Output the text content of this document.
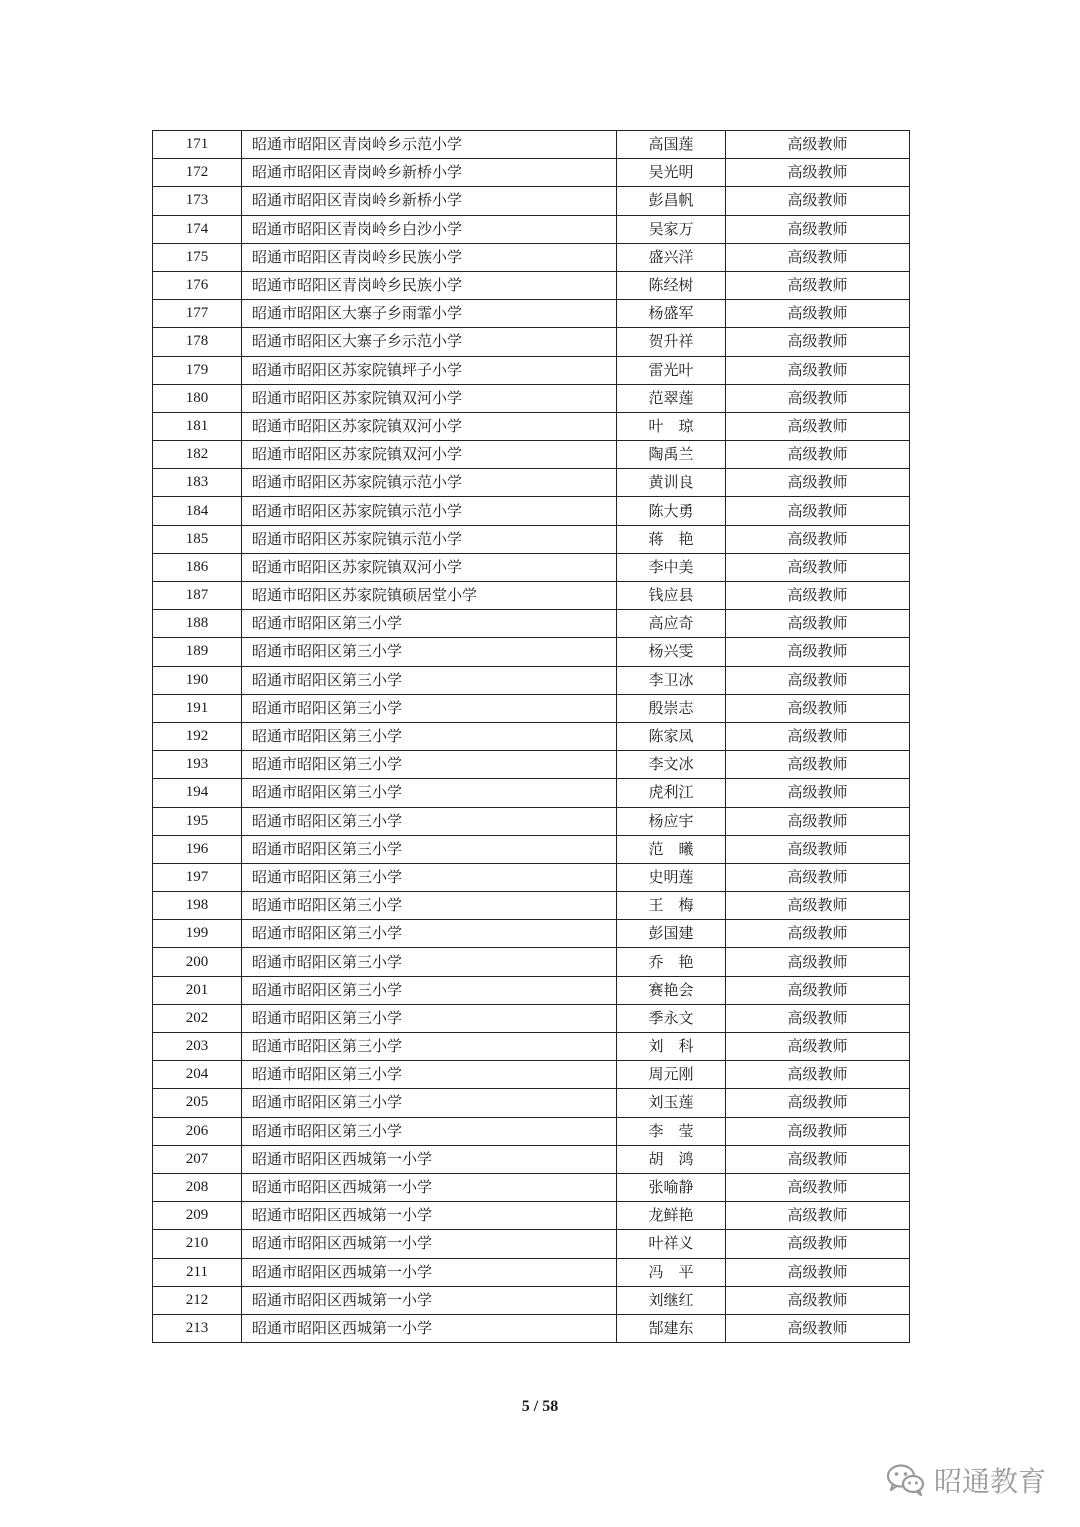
171	昭通市昭阳区青岗岭乡示范小学	高国莲	高级教师
172	昭通市昭阳区青岗岭乡新桥小学	吴光明	高级教师
173	昭通市昭阳区青岗岭乡新桥小学	彭昌帆	高级教师
174	昭通市昭阳区青岗岭乡白沙小学	吴家万	高级教师
175	昭通市昭阳区青岗岭乡民族小学	盛兴洋	高级教师
176	昭通市昭阳区青岗岭乡民族小学	陈经树	高级教师
177	昭通市昭阳区大寨子乡雨霏小学	杨盛军	高级教师
178	昭通市昭阳区大寨子乡示范小学	贺升祥	高级教师
179	昭通市昭阳区苏家院镇坪子小学	雷光叶	高级教师
180	昭通市昭阳区苏家院镇双河小学	范翠莲	高级教师
181	昭通市昭阳区苏家院镇双河小学	叶　琼	高级教师
182	昭通市昭阳区苏家院镇双河小学	陶禹兰	高级教师
183	昭通市昭阳区苏家院镇示范小学	黄训良	高级教师
184	昭通市昭阳区苏家院镇示范小学	陈大勇	高级教师
185	昭通市昭阳区苏家院镇示范小学	蒋　艳	高级教师
186	昭通市昭阳区苏家院镇双河小学	李中美	高级教师
187	昭通市昭阳区苏家院镇硕居堂小学	钱应县	高级教师
188	昭通市昭阳区第三小学	高应奇	高级教师
189	昭通市昭阳区第三小学	杨兴雯	高级教师
190	昭通市昭阳区第三小学	李卫冰	高级教师
191	昭通市昭阳区第三小学	殷崇志	高级教师
192	昭通市昭阳区第三小学	陈家凤	高级教师
193	昭通市昭阳区第三小学	李文冰	高级教师
194	昭通市昭阳区第三小学	虎利江	高级教师
195	昭通市昭阳区第三小学	杨应宇	高级教师
196	昭通市昭阳区第三小学	范　曦	高级教师
197	昭通市昭阳区第三小学	史明莲	高级教师
198	昭通市昭阳区第三小学	王　梅	高级教师
199	昭通市昭阳区第三小学	彭国建	高级教师
200	昭通市昭阳区第三小学	乔　艳	高级教师
201	昭通市昭阳区第三小学	赛艳会	高级教师
202	昭通市昭阳区第三小学	季永文	高级教师
203	昭通市昭阳区第三小学	刘　科	高级教师
204	昭通市昭阳区第三小学	周元刚	高级教师
205	昭通市昭阳区第三小学	刘玉莲	高级教师
206	昭通市昭阳区第三小学	李　莹	高级教师
207	昭通市昭阳区西城第一小学	胡　鸿	高级教师
208	昭通市昭阳区西城第一小学	张喻静	高级教师
209	昭通市昭阳区西城第一小学	龙鲜艳	高级教师
210	昭通市昭阳区西城第一小学	叶祥义	高级教师
211	昭通市昭阳区西城第一小学	冯　平	高级教师
212	昭通市昭阳区西城第一小学	刘继红	高级教师
213	昭通市昭阳区西城第一小学	郜建东	高级教师
5 / 58
昭通教育
